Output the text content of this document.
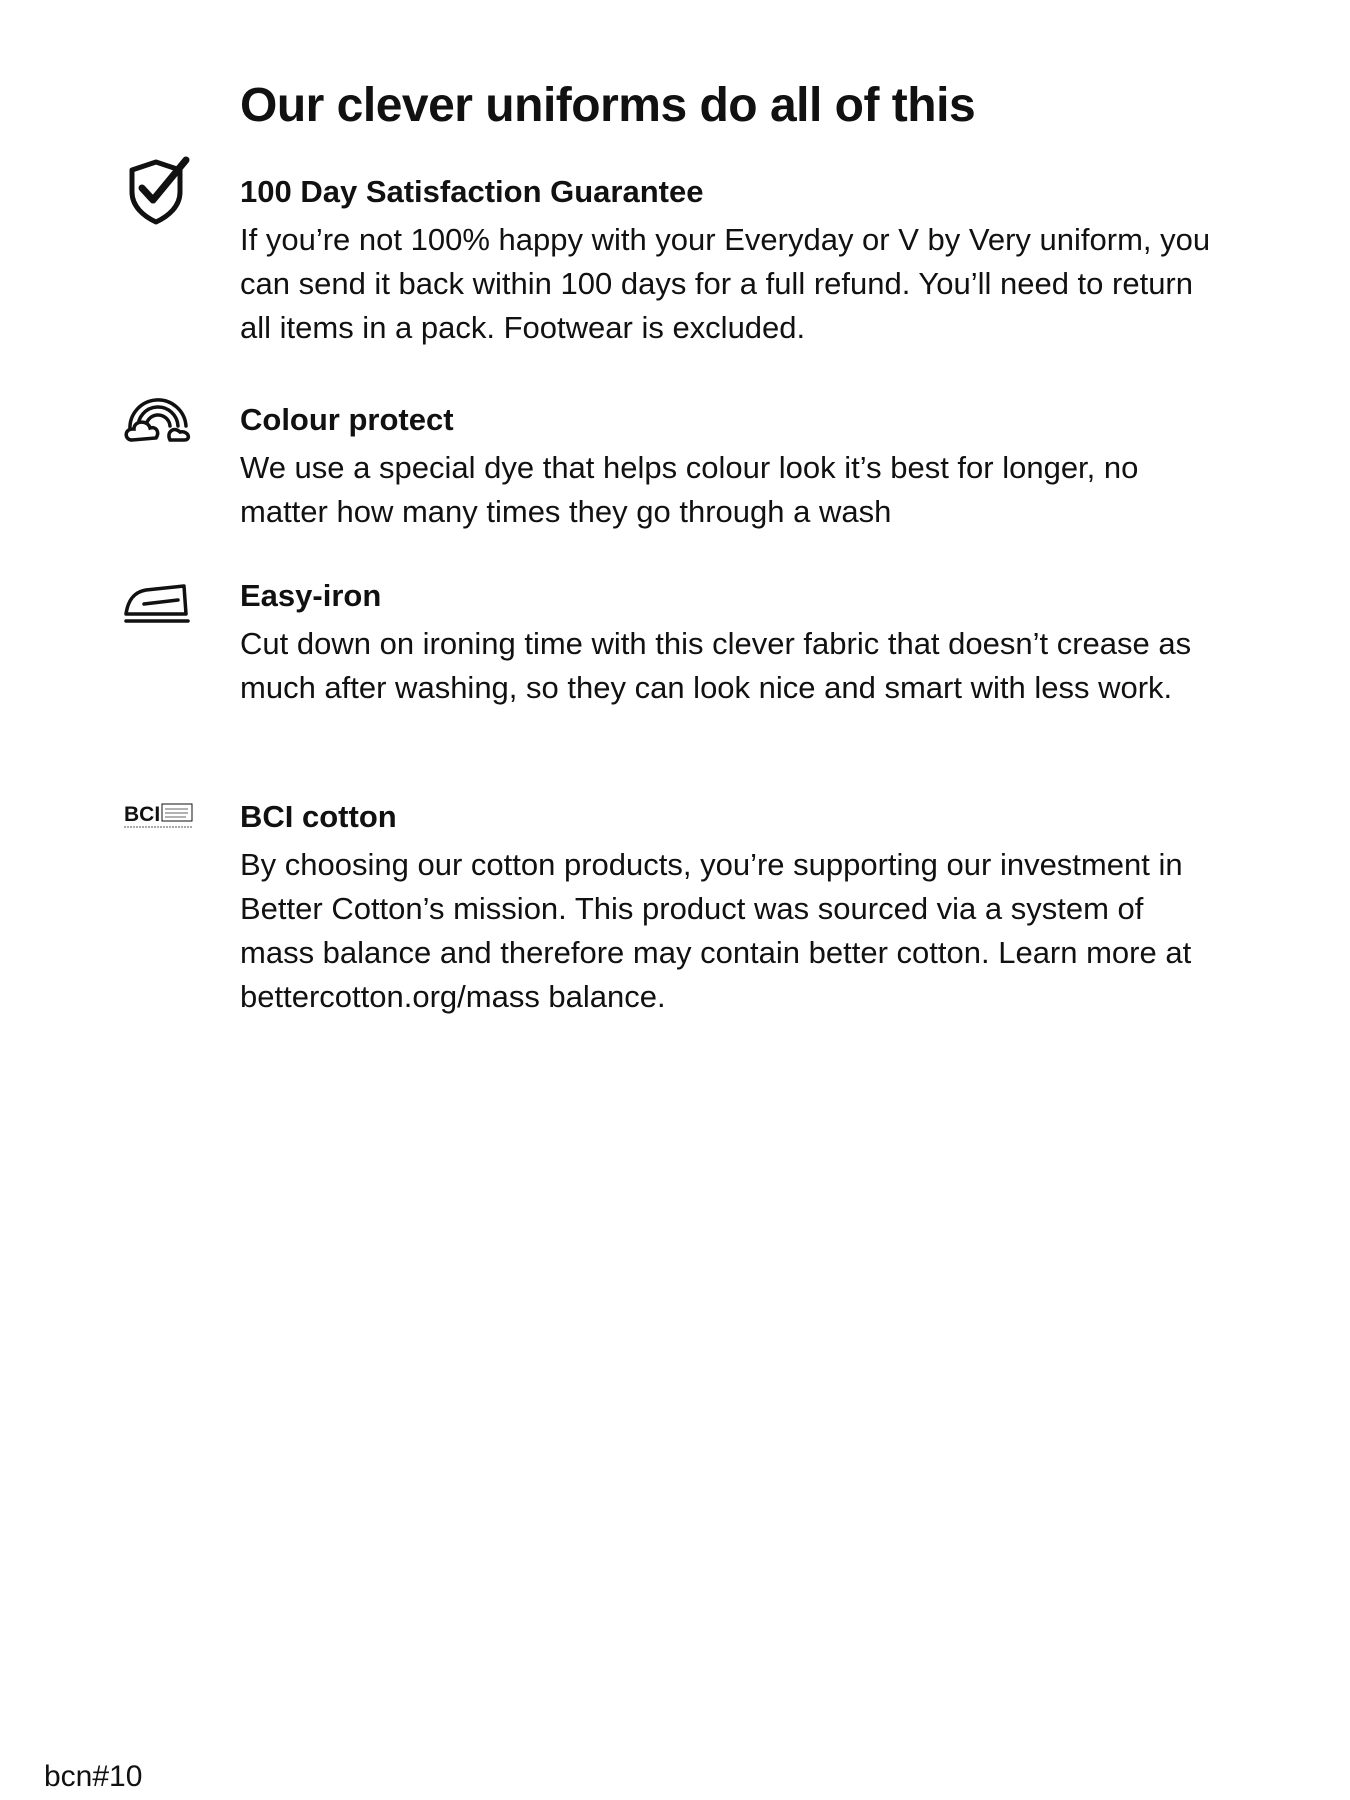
Our clever uniforms do all of this
100 Day Satisfaction Guarantee

If you’re not 100% happy with your Everyday or V by Very uniform, you can send it back within 100 days for a full refund. You’ll need to return all items in a pack. Footwear is excluded.

Colour protect

We use a special dye that helps colour look it’s best for longer, no matter how many times they go through a wash

Easy-iron

Cut down on ironing time with this clever fabric that doesn’t crease as much after washing, so they can look nice and smart with less work.

BCI	BCI cotton

By choosing our cotton products, you’re supporting our investment in Better Cotton’s mission. This product was sourced via a system of mass balance and therefore may contain better cotton. Learn more at bettercotton.org/mass balance.

bcn#10
